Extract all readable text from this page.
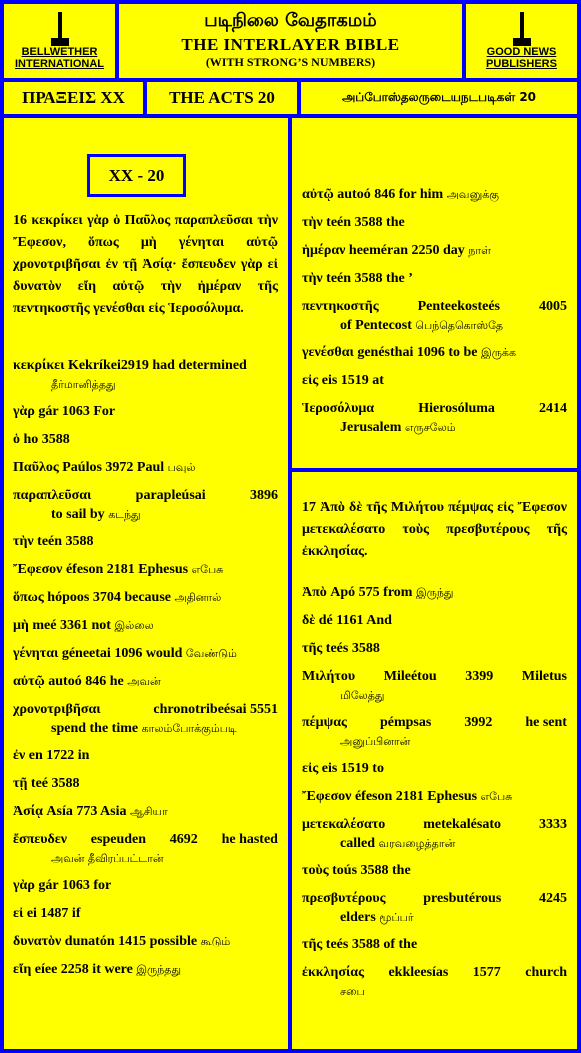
BELLWETHER INTERNATIONAL
படிநிலை வேதாகமம்
THE INTERLAYER BIBLE
(WITH STRONG’S NUMBERS)
GOOD NEWS PUBLISHERS
ΠΡΑΞΕΙΣ XX	THE ACTS 20	அப்போஸ்தலருடையநடபடிகள் 20
XX - 20
16 κεκρίκει γὰρ ὁ Παῦλος παραπλεῦσαι τὴν Ἔφεσον, ὅπως μὴ γένηται αὐτῷ χρονοτριβῆσαι ἐν τῇ Ἀσίᾳ· ἔσπευδεν γὰρ εἰ δυνατὸν εἴη αὐτῷ τὴν ἡμέραν τῆς πεντηκοστῆς γενέσθαι εἰς Ἱεροσόλυμα.
κεκρίκει Kekríkei2919 had determined
தீர்மானித்தது
γὰρ gár 1063 For
ὁ ho 3588
Παῦλος Paúlos 3972 Paul பவுல்
παραπλεῦσαι	parapleúsai	3896
to sail by கடந்து
τὴν teén 3588
Ἔφεσον éfeson 2181 Ephesus எபேசு
ὅπως hópoos 3704 because அதினால்
μὴ meé 3361 not இல்லை
γένηται géneetai 1096 would வேண்டும்
αὐτῷ autoó 846 he அவன்
χρονοτριβῆσαι	chronotribeésai 5551
spend the time காலம்போக்கும்படி
ἐν en 1722 in
τῇ teé 3588
Ἀσίᾳ Asía 773 Asia ஆசியா
ἔσπευδεν espeuden 4692 he hasted
அவன் தீவிரப்பட்டான்
γὰρ gár 1063 for
εἰ ei 1487 if
δυνατὸν dunatón 1415 possible கூடும்
εἴη eíee 2258 it were இருந்தது
αὐτῷ autoó 846 for him அவனுக்கு
τὴν teén 3588 the
ἡμέραν heeméran 2250 day நாள்
τὴν teén 3588 the ’
πεντηκοστῆς	Penteekosteés	4005
of Pentecost பெந்தெகொஸ்தே
γενέσθαι genésthai 1096 to be இருக்க
εἰς eis 1519 at
Ἱεροσόλυμα	Hierosóluma	2414
Jerusalem எருசலேம்
17 Ἀπὸ δὲ τῆς Μιλήτου πέμψας εἰς Ἔφεσον μετεκαλέσατο τοὺς πρεσβυτέρους τῆς ἐκκλησίας.
Ἀπὸ Apó 575 from இருந்து
δὲ dé 1161 And
τῆς teés 3588
Μιλήτου Mileétou 3399 Miletus
மிலேத்து
πέμψας pémpsas 3992 he sent
அனுப்பினான்
εἰς eis 1519 to
Ἔφεσον éfeson 2181 Ephesus எபேசு
μετεκαλέσατο	metekalésato	3333
called வரவழைத்தான்
τοὺς toús 3588 the
πρεσβυτέρους	presbutérous	4245
elders மூப்பர்
τῆς teés 3588 of the
ἐκκλησίας ekkleesías 1577 church
சபை
